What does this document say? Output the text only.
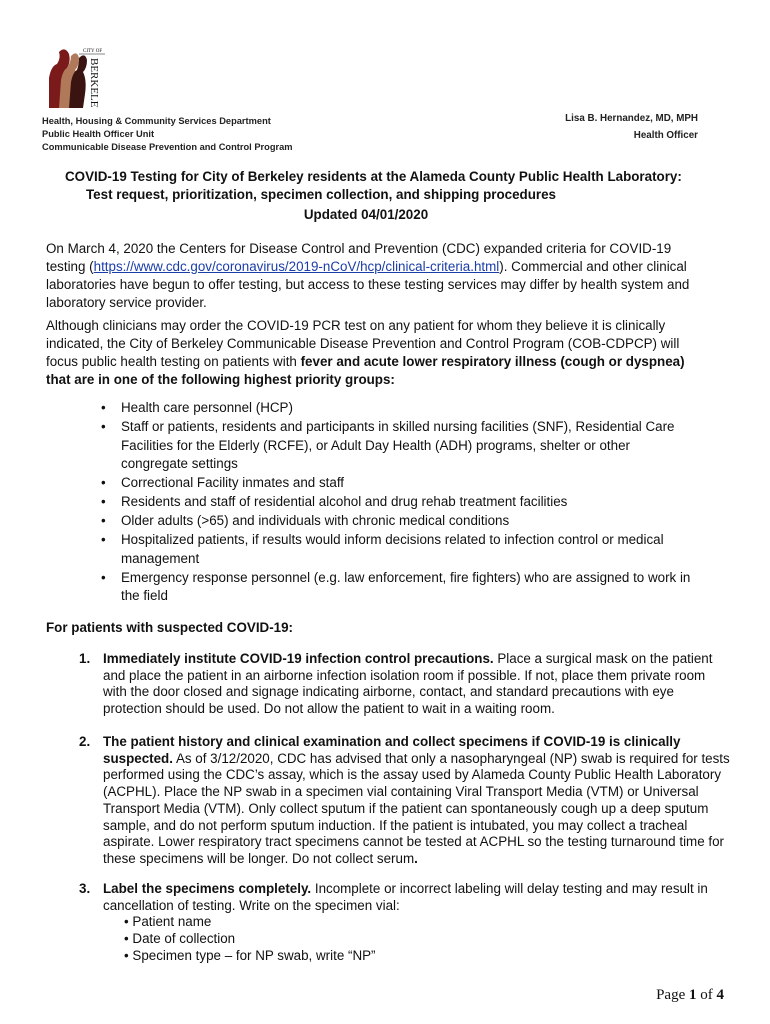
CITY OF
BERKELEY
Health, Housing & Community Services Department
Public Health Officer Unit
Communicable Disease Prevention and Control Program
Lisa B. Hernandez, MD, MPH
Health Officer
COVID-19 Testing for City of Berkeley residents at the Alameda County Public Health Laboratory:
Test request, prioritization, specimen collection, and shipping procedures
Updated 04/01/2020
On March 4, 2020 the Centers for Disease Control and Prevention (CDC) expanded criteria for COVID-19 testing (https://www.cdc.gov/coronavirus/2019-nCoV/hcp/clinical-criteria.html). Commercial and other clinical laboratories have begun to offer testing, but access to these testing services may differ by health system and laboratory service provider.
Although clinicians may order the COVID-19 PCR test on any patient for whom they believe it is clinically indicated, the City of Berkeley Communicable Disease Prevention and Control Program (COB-CDPCP) will focus public health testing on patients with fever and acute lower respiratory illness (cough or dyspnea) that are in one of the following highest priority groups:
• Health care personnel (HCP)
• Staff or patients, residents and participants in skilled nursing facilities (SNF), Residential Care Facilities for the Elderly (RCFE), or Adult Day Health (ADH) programs, shelter or other congregate settings
• Correctional Facility inmates and staff
• Residents and staff of residential alcohol and drug rehab treatment facilities
• Older adults (>65) and individuals with chronic medical conditions
• Hospitalized patients, if results would inform decisions related to infection control or medical management
• Emergency response personnel (e.g. law enforcement, fire fighters) who are assigned to work in the field
For patients with suspected COVID-19:
1. Immediately institute COVID-19 infection control precautions. Place a surgical mask on the patient and place the patient in an airborne infection isolation room if possible. If not, place them private room with the door closed and signage indicating airborne, contact, and standard precautions with eye protection should be used. Do not allow the patient to wait in a waiting room.
2. The patient history and clinical examination and collect specimens if COVID-19 is clinically suspected. As of 3/12/2020, CDC has advised that only a nasopharyngeal (NP) swab is required for tests performed using the CDC’s assay, which is the assay used by Alameda County Public Health Laboratory (ACPHL). Place the NP swab in a specimen vial containing Viral Transport Media (VTM) or Universal Transport Media (VTM). Only collect sputum if the patient can spontaneously cough up a deep sputum sample, and do not perform sputum induction. If the patient is intubated, you may collect a tracheal aspirate. Lower respiratory tract specimens cannot be tested at ACPHL so the testing turnaround time for these specimens will be longer. Do not collect serum.
3. Label the specimens completely. Incomplete or incorrect labeling will delay testing and may result in cancellation of testing. Write on the specimen vial:
• Patient name
• Date of collection
• Specimen type – for NP swab, write “NP”
Page 1 of 4
